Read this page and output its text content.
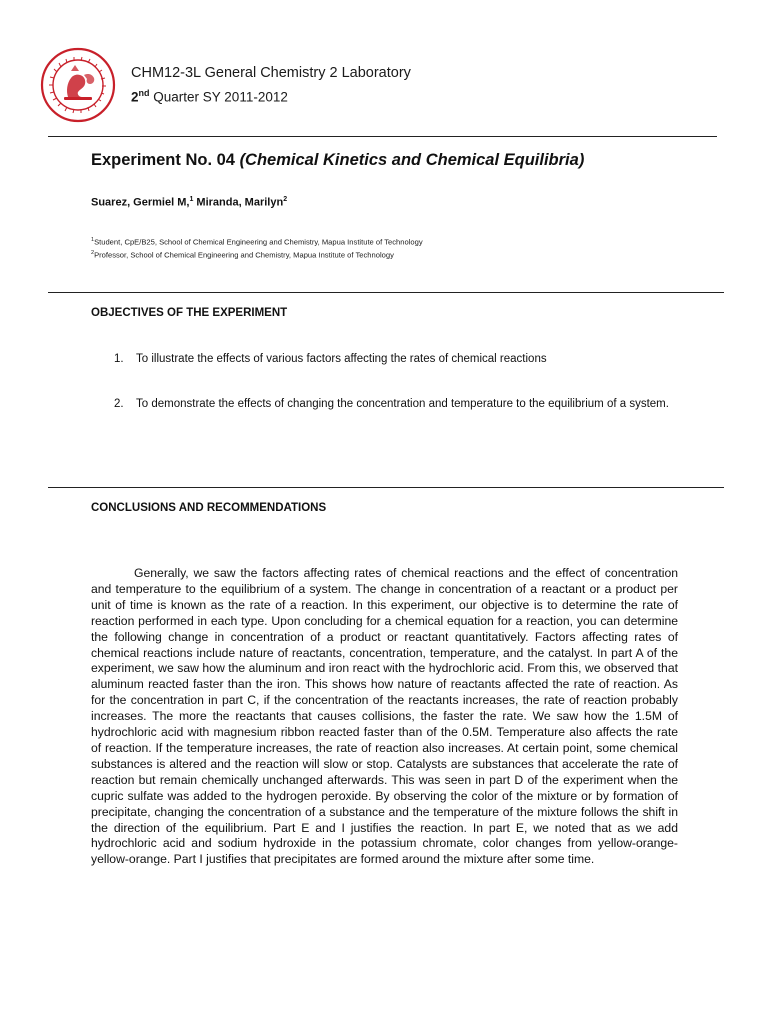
CHM12-3L General Chemistry 2 Laboratory
2nd Quarter SY 2011-2012
Experiment No. 04 (Chemical Kinetics and Chemical Equilibria)
Suarez, Germiel M,$^1$ Miranda, Marilyn$^2$
$^1$Student, CpE/B25, School of Chemical Engineering and Chemistry, Mapua Institute of Technology
$^2$Professor, School of Chemical Engineering and Chemistry, Mapua Institute of Technology
OBJECTIVES OF THE EXPERIMENT
1. To illustrate the effects of various factors affecting the rates of chemical reactions
2. To demonstrate the effects of changing the concentration and temperature to the equilibrium of a system.
CONCLUSIONS AND RECOMMENDATIONS
Generally, we saw the factors affecting rates of chemical reactions and the effect of concentration and temperature to the equilibrium of a system. The change in concentration of a reactant or a product per unit of time is known as the rate of a reaction. In this experiment, our objective is to determine the rate of reaction performed in each type. Upon concluding for a chemical equation for a reaction, you can determine the following change in concentration of a product or reactant quantitatively. Factors affecting rates of chemical reactions include nature of reactants, concentration, temperature, and the catalyst. In part A of the experiment, we saw how the aluminum and iron react with the hydrochloric acid. From this, we observed that aluminum reacted faster than the iron. This shows how nature of reactants affected the rate of reaction. As for the concentration in part C, if the concentration of the reactants increases, the rate of reaction probably increases. The more the reactants that causes collisions, the faster the rate. We saw how the 1.5M of hydrochloric acid with magnesium ribbon reacted faster than of the 0.5M. Temperature also affects the rate of reaction. If the temperature increases, the rate of reaction also increases. At certain point, some chemical substances is altered and the reaction will slow or stop. Catalysts are substances that accelerate the rate of reaction but remain chemically unchanged afterwards. This was seen in part D of the experiment when the cupric sulfate was added to the hydrogen peroxide. By observing the color of the mixture or by formation of precipitate, changing the concentration of a substance and the temperature of the mixture follows the shift in the direction of the equilibrium. Part E and I justifies the reaction. In part E, we noted that as we add hydrochloric acid and sodium hydroxide in the potassium chromate, color changes from yellow-orange-yellow-orange. Part I justifies that precipitates are formed around the mixture after some time.
